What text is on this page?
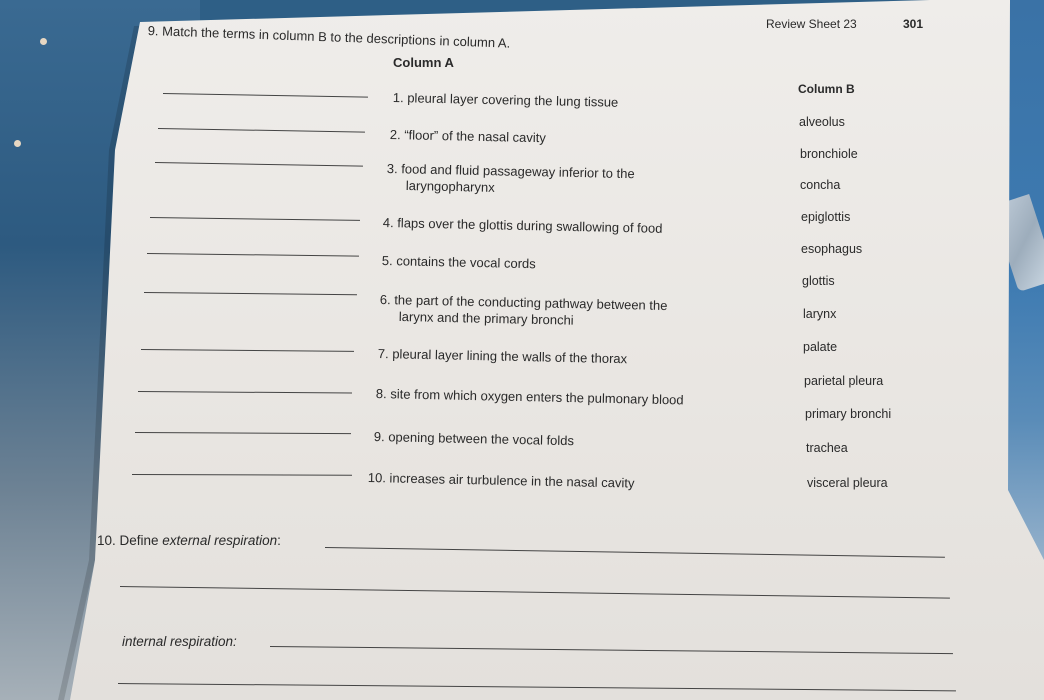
Review Sheet 23	301
9. Match the terms in column B to the descriptions in column A.
Column A
Column B
1. pleural layer covering the lung tissue
2. “floor” of the nasal cavity
3. food and fluid passageway inferior to the
laryngopharynx
4. flaps over the glottis during swallowing of food
5. contains the vocal cords
6. the part of the conducting pathway between the
larynx and the primary bronchi
7. pleural layer lining the walls of the thorax
8. site from which oxygen enters the pulmonary blood
9. opening between the vocal folds
10. increases air turbulence in the nasal cavity
alveolus
bronchiole
concha
epiglottis
esophagus
glottis
larynx
palate
parietal pleura
primary bronchi
trachea
visceral pleura
10. Define external respiration:
internal respiration:
